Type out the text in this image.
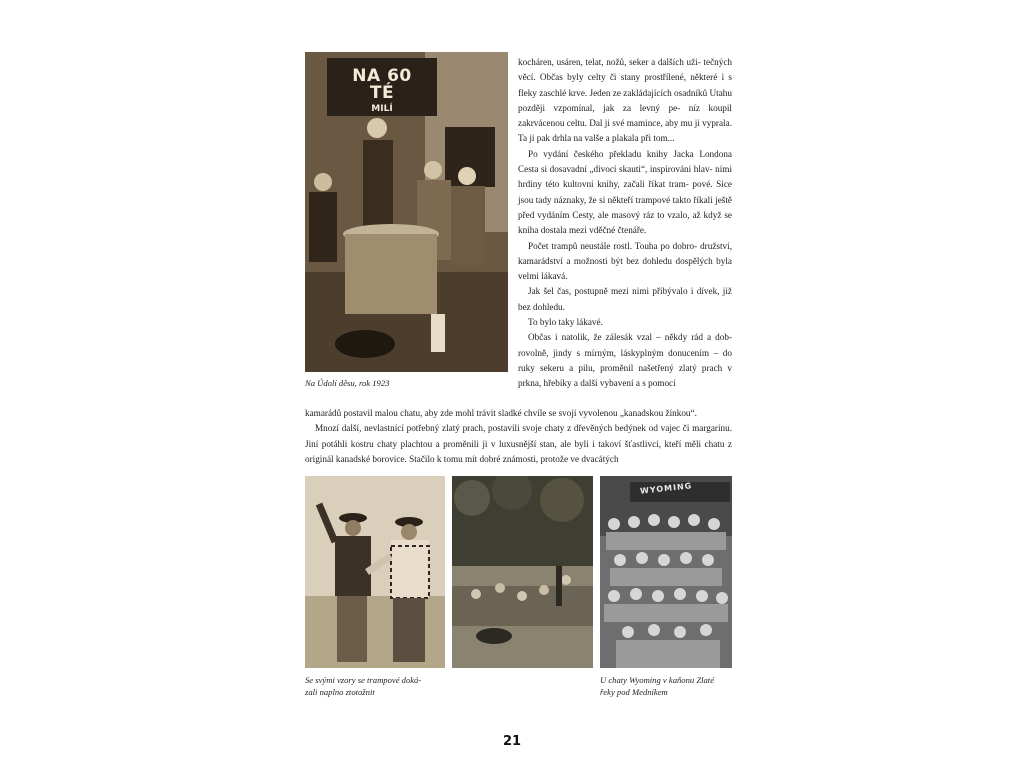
NA 60 TÉ
MILÍ
Na Údolí děsu, rok 1923

kocháren, usáren, telat, nožů, seker a dalších uži- tečných věcí. Občas byly celty či stany prostřílené, některé i s fleky zaschlé krve. Jeden ze zakládajících osadníků Utahu později vzpomínal, jak za levný pe- níz koupil zakrvácenou celtu. Dal ji své mamince, aby mu ji vyprala. Ta ji pak drhla na valše a plakala při tom...

Po vydání českého překladu knihy Jacka Londona Cesta si dosavadní „divocí skauti“, inspirováni hlav- ními hrdiny této kultovní knihy, začali říkat tram- pové. Sice jsou tady náznaky, že si někteří trampové takto říkali ještě před vydáním Cesty, ale masový ráz to vzalo, až když se kniha dostala mezi vděčné čtenáře.

Počet trampů neustále rostl. Touha po dobro- družství, kamarádství a možnosti být bez dohledu dospělých byla velmi lákavá.

Jak šel čas, postupně mezi nimi přibývalo i dívek, již bez dohledu.

To bylo taky lákavé.

Občas i natolik, že zálesák vzal – někdy rád a dob- rovolně, jindy s mírným, láskyplným donucením – do ruky sekeru a pilu, proměnil našetřený zlatý prach v prkna, hřebíky a další vybavení a s pomocí

kamarádů postavil malou chatu, aby zde mohl trávit sladké chvíle se svojí vyvolenou „kanadskou žínkou“.

Mnozí další, nevlastnící potřebný zlatý prach, postavili svoje chaty z dřevěných bedýnek od vajec či margarínu. Jiní potáhli kostru chaty plachtou a proměnili ji v luxusnější stan, ale byli i takoví šťastlivci, kteří měli chatu z originál kanadské borovice. Stačilo k tomu mít dobré známosti, protože ve dvacátých

Se svými vzory se trampové doká-
zali naplno ztotožnit
WYOMING
U chaty Wyoming v kaňonu Zlaté
řeky pod Medníkem
21
